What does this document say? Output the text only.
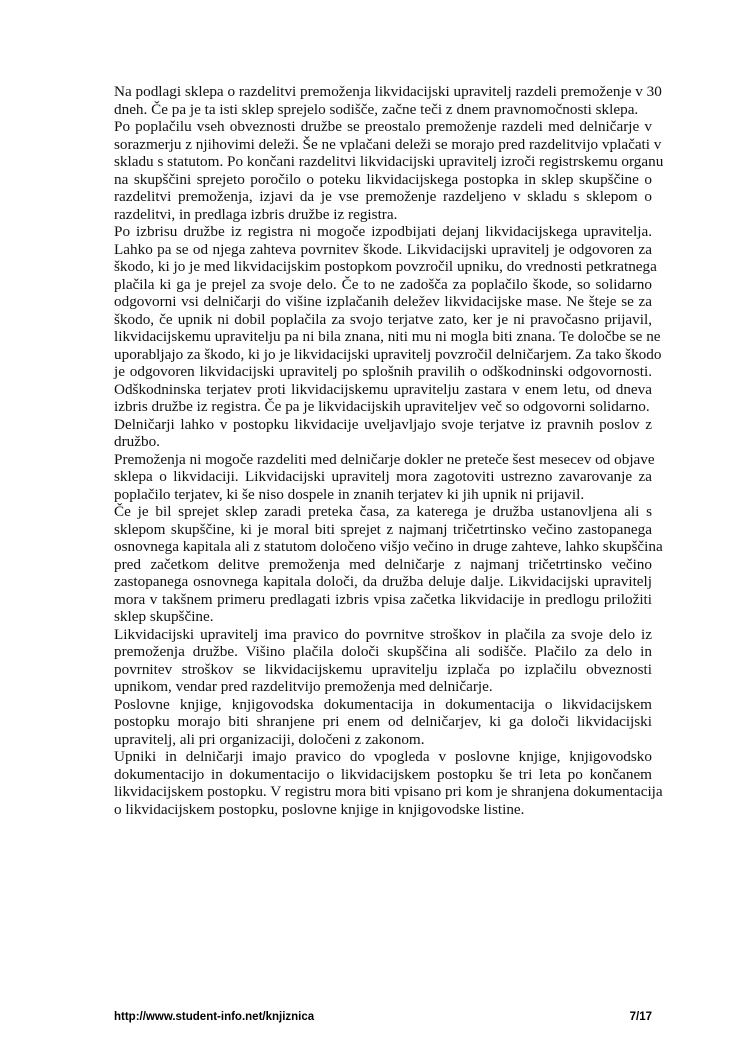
Na podlagi sklepa o razdelitvi premoženja likvidacijski upravitelj razdeli premoženje v 30
dneh. Če pa je ta isti sklep sprejelo sodišče, začne teči z dnem pravnomočnosti sklepa.
Po poplačilu vseh obveznosti družbe se preostalo premoženje razdeli med delničarje v
sorazmerju z njihovimi deleži. Še ne vplačani deleži se morajo pred razdelitvijo vplačati v
skladu s statutom. Po končani razdelitvi likvidacijski upravitelj izroči registrskemu organu
na skupščini sprejeto poročilo o poteku likvidacijskega postopka in sklep skupščine o
razdelitvi premoženja, izjavi da je vse premoženje razdeljeno v skladu s sklepom o
razdelitvi, in predlaga izbris družbe iz registra.
Po izbrisu družbe iz registra ni mogoče izpodbijati dejanj likvidacijskega upravitelja.
Lahko pa se od njega zahteva povrnitev škode. Likvidacijski upravitelj je odgovoren za
škodo, ki jo je med likvidacijskim postopkom povzročil upniku, do vrednosti petkratnega
plačila ki ga je prejel za svoje delo. Če to ne zadošča za poplačilo škode, so solidarno
odgovorni vsi delničarji do višine izplačanih deležev likvidacijske mase. Ne šteje se za
škodo, če upnik ni dobil poplačila za svojo terjatve zato, ker je ni pravočasno prijavil,
likvidacijskemu upravitelju pa ni bila znana, niti mu ni mogla biti znana. Te določbe se ne
uporabljajo za škodo, ki jo je likvidacijski upravitelj povzročil delničarjem. Za tako škodo
je odgovoren likvidacijski upravitelj po splošnih pravilih o odškodninski odgovornosti.
Odškodninska terjatev proti likvidacijskemu upravitelju zastara v enem letu, od dneva
izbris družbe iz registra. Če pa je likvidacijskih upraviteljev več so odgovorni solidarno.
Delničarji lahko v postopku likvidacije uveljavljajo svoje terjatve iz pravnih poslov z
družbo.
Premoženja ni mogoče razdeliti med delničarje dokler ne preteče šest mesecev od objave
sklepa o likvidaciji. Likvidacijski upravitelj mora zagotoviti ustrezno zavarovanje za
poplačilo terjatev, ki še niso dospele in znanih terjatev ki jih upnik ni prijavil.
Če je bil sprejet sklep zaradi preteka časa, za katerega je družba ustanovljena ali s
sklepom skupščine, ki je moral biti sprejet z najmanj tričetrtinsko večino zastopanega
osnovnega kapitala ali z statutom določeno višjo večino in druge zahteve, lahko skupščina
pred začetkom delitve premoženja med delničarje z najmanj tričetrtinsko večino
zastopanega osnovnega kapitala določi, da družba deluje dalje. Likvidacijski upravitelj
mora v takšnem primeru predlagati izbris vpisa začetka likvidacije in predlogu priložiti
sklep skupščine.
Likvidacijski upravitelj ima pravico do povrnitve stroškov in plačila za svoje delo iz
premoženja družbe. Višino plačila določi skupščina ali sodišče. Plačilo za delo in
povrnitev stroškov se likvidacijskemu upravitelju izplača po izplačilu obveznosti
upnikom, vendar pred razdelitvijo premoženja med delničarje.
Poslovne knjige, knjigovodska dokumentacija in dokumentacija o likvidacijskem
postopku morajo biti shranjene pri enem od delničarjev, ki ga določi likvidacijski
upravitelj, ali pri organizaciji, določeni z zakonom.
Upniki in delničarji imajo pravico do vpogleda v poslovne knjige, knjigovodsko
dokumentacijo in dokumentacijo o likvidacijskem postopku še tri leta po končanem
likvidacijskem postopku. V registru mora biti vpisano pri kom je shranjena dokumentacija
o likvidacijskem postopku, poslovne knjige in knjigovodske listine.
http://www.student-info.net/knjiznica	7/17
